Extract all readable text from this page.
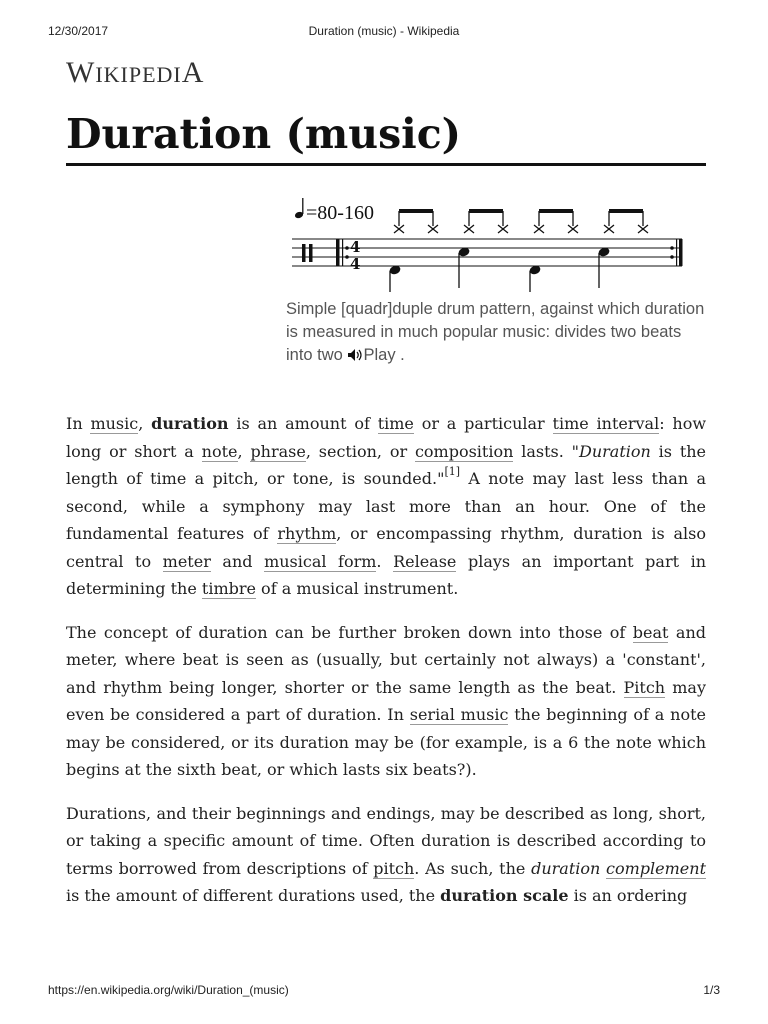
12/30/2017	Duration (music) - Wikipedia
WIKIPEDIA
Duration (music)
=80-160
4
4
Simple [quadr]duple drum pattern, against which duration is measured in much popular music: divides two beats into two Play .

In music, duration is an amount of time or a particular time interval: how long or short a note, phrase, section, or composition lasts. "Duration is the length of time a pitch, or tone, is sounded."[1] A note may last less than a second, while a symphony may last more than an hour. One of the fundamental features of rhythm, or encompassing rhythm, duration is also central to meter and musical form. Release plays an important part in determining the timbre of a musical instrument.

The concept of duration can be further broken down into those of beat and meter, where beat is seen as (usually, but certainly not always) a 'constant', and rhythm being longer, shorter or the same length as the beat. Pitch may even be considered a part of duration. In serial music the beginning of a note may be considered, or its duration may be (for example, is a 6 the note which begins at the sixth beat, or which lasts six beats?).

Durations, and their beginnings and endings, may be described as long, short, or taking a specific amount of time. Often duration is described according to terms borrowed from descriptions of pitch. As such, the duration complement is the amount of different durations used, the duration scale is an ordering

https://en.wikipedia.org/wiki/Duration_(music)	1/3
